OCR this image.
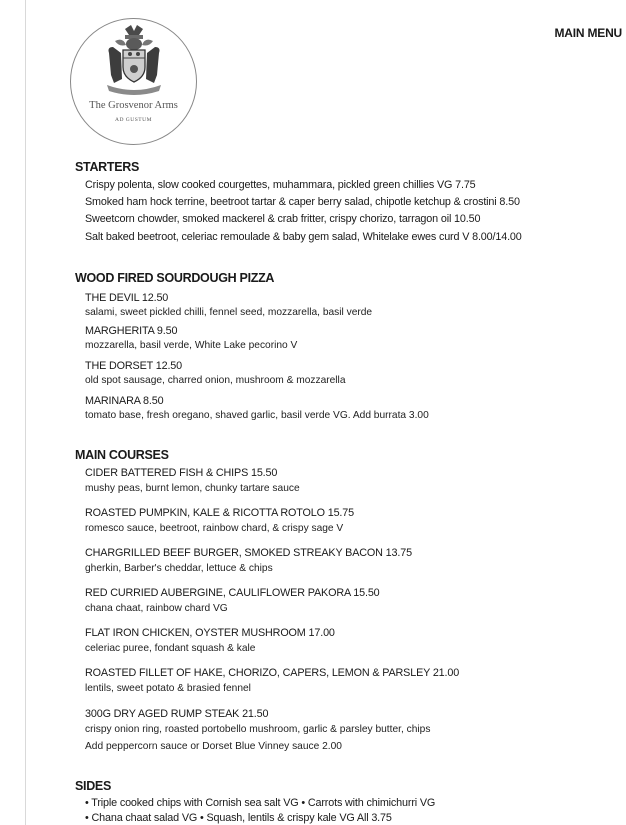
The Grosvenor Arms
AD GUSTUM
MAIN MENU
STARTERS
Crispy polenta, slow cooked courgettes, muhammara, pickled green chillies VG 7.75
Smoked ham hock terrine, beetroot tartar & caper berry salad, chipotle ketchup & crostini 8.50
Sweetcorn chowder, smoked mackerel & crab fritter, crispy chorizo, tarragon oil 10.50
Salt baked beetroot, celeriac remoulade & baby gem salad, Whitelake ewes curd V 8.00/14.00
WOOD FIRED SOURDOUGH PIZZA
THE DEVIL 12.50
salami, sweet pickled chilli, fennel seed, mozzarella, basil verde
MARGHERITA 9.50
mozzarella, basil verde, White Lake pecorino V
THE DORSET 12.50
old spot sausage, charred onion, mushroom & mozzarella
MARINARA 8.50
tomato base, fresh oregano, shaved garlic, basil verde VG. Add burrata 3.00
MAIN COURSES
CIDER BATTERED FISH & CHIPS 15.50
mushy peas, burnt lemon, chunky tartare sauce
ROASTED PUMPKIN, KALE & RICOTTA ROTOLO 15.75
romesco sauce, beetroot, rainbow chard, & crispy sage V
CHARGRILLED BEEF BURGER, SMOKED STREAKY BACON 13.75
gherkin, Barber's cheddar, lettuce & chips
RED CURRIED AUBERGINE, CAULIFLOWER PAKORA 15.50
chana chaat, rainbow chard VG
FLAT IRON CHICKEN, OYSTER MUSHROOM 17.00
celeriac puree, fondant squash & kale
ROASTED FILLET OF HAKE, CHORIZO, CAPERS, LEMON & PARSLEY 21.00
lentils, sweet potato & brasied fennel
300G DRY AGED RUMP STEAK 21.50
crispy onion ring, roasted portobello mushroom, garlic & parsley butter, chips
Add peppercorn sauce or Dorset Blue Vinney sauce 2.00
SIDES
• Triple cooked chips with Cornish sea salt VG • Carrots with chimichurri VG
• Chana chaat salad VG • Squash, lentils & crispy kale VG All 3.75
